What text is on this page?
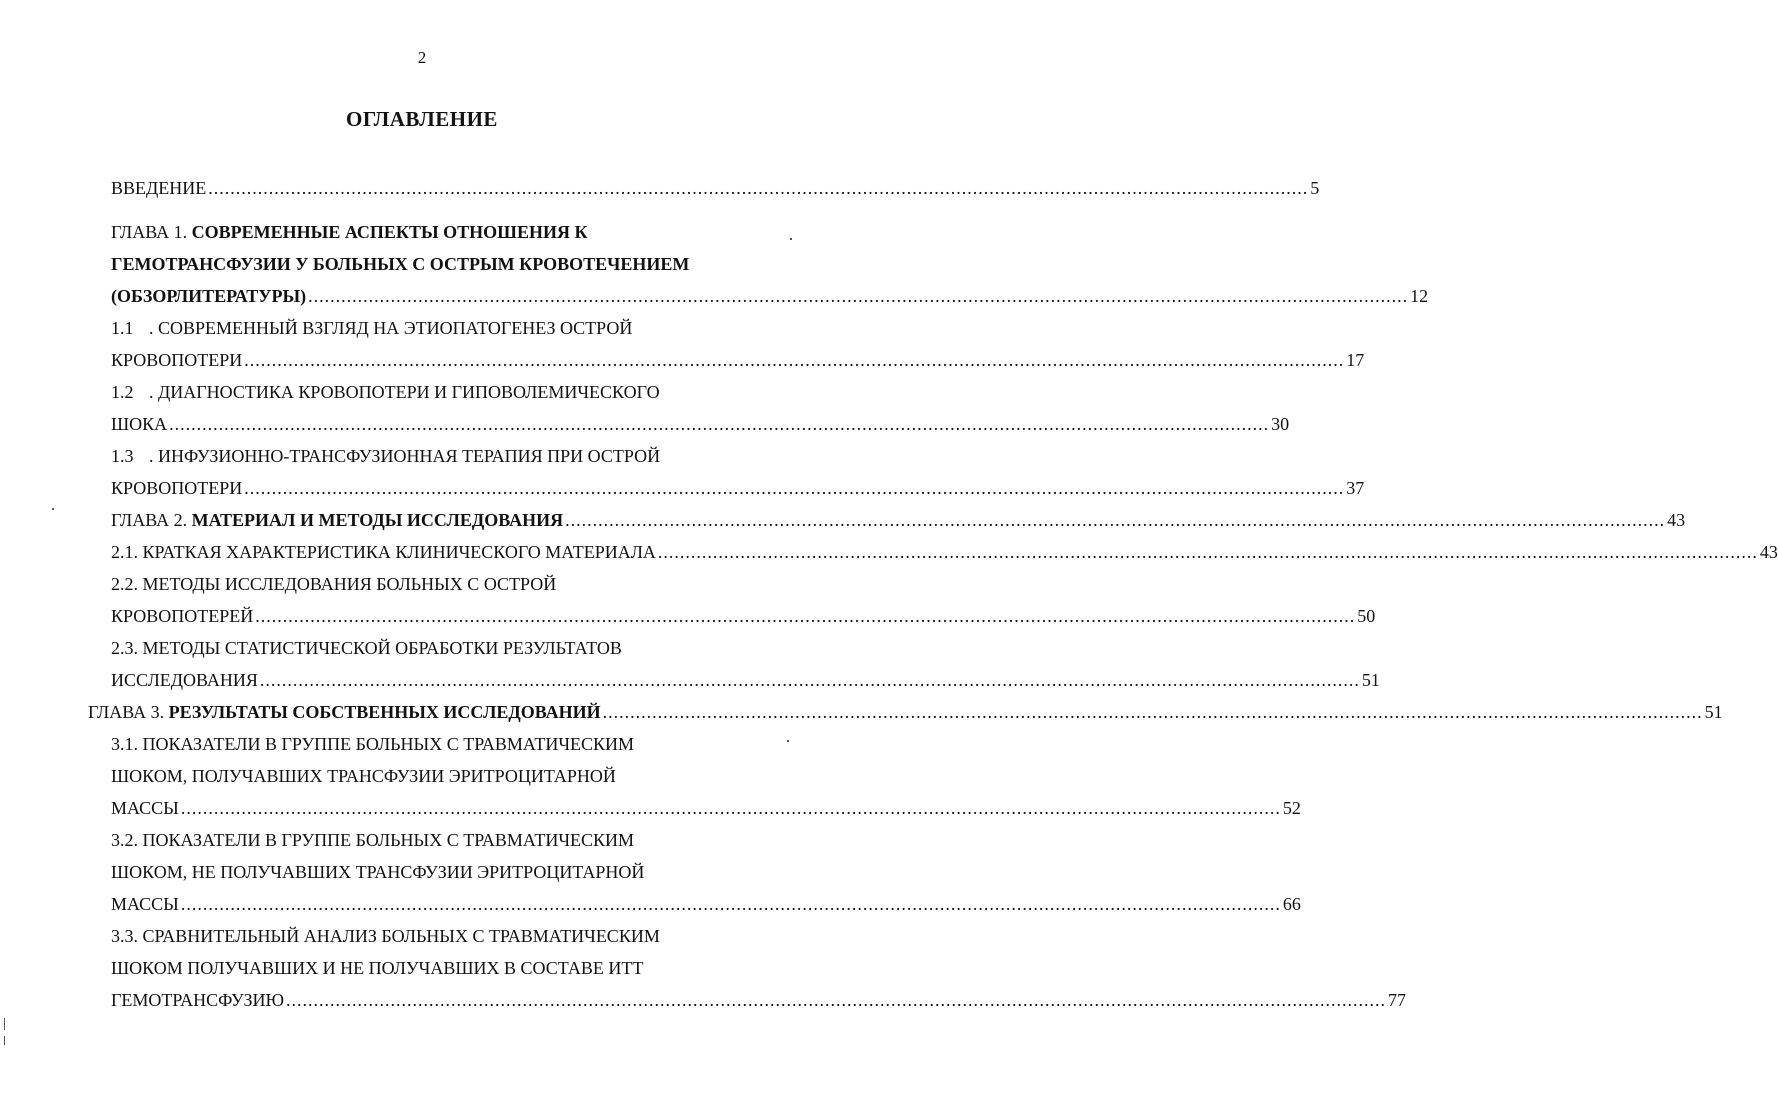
2
ОГЛАВЛЕНИЕ
ВВЕДЕНИЕ ........................................................................................................................................................................................................ 5
ГЛАВА 1. СОВРЕМЕННЫЕ АСПЕКТЫ ОТНОШЕНИЯ К
ГЕМОТРАНСФУЗИИ У БОЛЬНЫХ С ОСТРЫМ КРОВОТЕЧЕНИЕМ
(ОБЗОРЛИТЕРАТУРЫ) ........................................................................................................................................................................................................ 12
1.1 . СОВРЕМЕННЫЙ ВЗГЛЯД НА ЭТИОПАТОГЕНЕЗ ОСТРОЙ
КРОВОПОТЕРИ ........................................................................................................................................................................................................ 17
1.2 . ДИАГНОСТИКА КРОВОПОТЕРИ И ГИПОВОЛЕМИЧЕСКОГО
ШОКА ........................................................................................................................................................................................................ 30
1.3 . ИНФУЗИОННО-ТРАНСФУЗИОННАЯ ТЕРАПИЯ ПРИ ОСТРОЙ
КРОВОПОТЕРИ ........................................................................................................................................................................................................ 37
ГЛАВА 2. МАТЕРИАЛ И МЕТОДЫ ИССЛЕДОВАНИЯ ........................................................................................................................................................................................................ 43
2.1. КРАТКАЯ ХАРАКТЕРИСТИКА КЛИНИЧЕСКОГО МАТЕРИАЛА ........................................................................................................................................................................................................ 43
2.2. МЕТОДЫ ИССЛЕДОВАНИЯ БОЛЬНЫХ С ОСТРОЙ
КРОВОПОТЕРЕЙ ........................................................................................................................................................................................................ 50
2.3. МЕТОДЫ СТАТИСТИЧЕСКОЙ ОБРАБОТКИ РЕЗУЛЬТАТОВ
ИССЛЕДОВАНИЯ ........................................................................................................................................................................................................ 51
ГЛАВА 3. РЕЗУЛЬТАТЫ СОБСТВЕННЫХ ИССЛЕДОВАНИЙ ........................................................................................................................................................................................................ 51
3.1. ПОКАЗАТЕЛИ В ГРУППЕ БОЛЬНЫХ С ТРАВМАТИЧЕСКИМ
ШОКОМ, ПОЛУЧАВШИХ ТРАНСФУЗИИ ЭРИТРОЦИТАРНОЙ
МАССЫ ........................................................................................................................................................................................................ 52
3.2. ПОКАЗАТЕЛИ В ГРУППЕ БОЛЬНЫХ С ТРАВМАТИЧЕСКИМ
ШОКОМ, НЕ ПОЛУЧАВШИХ ТРАНСФУЗИИ ЭРИТРОЦИТАРНОЙ
МАССЫ ........................................................................................................................................................................................................ 66
3.3. СРАВНИТЕЛЬНЫЙ АНАЛИЗ БОЛЬНЫХ С ТРАВМАТИЧЕСКИМ
ШОКОМ ПОЛУЧАВШИХ И НЕ ПОЛУЧАВШИХ В СОСТАВЕ ИТТ
ГЕМОТРАНСФУЗИЮ ........................................................................................................................................................................................................ 77
